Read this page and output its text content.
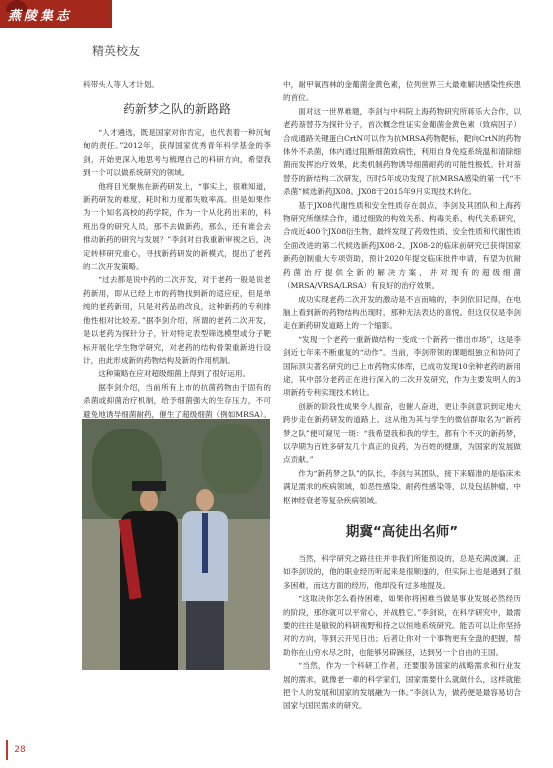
燕陵集志
精英校友

科带头人等人才计划。

药新梦之队的新路路

“人才遴选，既是国家对你肯定，也代表着一种沉甸甸的责任。”2012年，获得国家优秀青年科学基金的李剑，开始更深入地思考与梳理自己的科研方向，希望我到一个可以做系统研究的领域。

他将目光聚焦在新药研发上，“事实上，很难知道，新药研发的难度、耗时和力度都失败率高。但是如果作为一个知名高校的药学院，作为一个从化药出来的，科班出身的研究人员，那不去做新药，那么，还有谁会去推动新药的研究与发展？”李剑对自我重新审视之后，决定转移研究重心，寻找新药研发的新模式，提出了老药的二次开发策略。

“过去都是说中药的二次开发，对于老药一般是说老药新用，即从已经上市的药物找到新的适应症，但是单纯的老药新用，只是对药品的改良，这种新药的专利排他性相对比较差。”据李剑介绍，所谓的老药二次开发，是以老药为探针分子，针对特定表型筛选模型或分子靶标开展化学生物学研究，对老药的结构骨架重新进行设计，由此形成新的药物结构及新的作用机制。

这种策略在应对超级细菌上得到了很好运用。

据李剑介绍，当前所有上市的抗菌药物由于固有的杀菌或抑菌治疗机制，给予细菌强大的生存压力，不可避免地诱导细菌耐药，催生了超级细菌（例如MRSA）。

中，耐甲氧西林的金葡菌金黄色素，位列世界三大最难解决感染性疾患的首位。

面对这一世界难题，李剑与中科院上海药物研究所蒋乐大合作，以老药萘替芬为探针分子，首次概念性证实金葡菌金黄色素（致病因子）合成通路关键蛋白CrtN可以作为抗MRSA药物靶标，靶向CrtN的药物体外不杀菌，体内通过阻断细菌致病性，利用自身免疫系统温和清除细菌而发挥治疗效果，此类机制药物诱导细菌耐药的可能性极低。针对萘替芬的新结构二次研发，历时5年成功发现了抗MRSA感染的第一代“不杀菌”候选新药JX08。JX08于2015年9月实现技术转化。

基于JX08代谢性质和安全性质存在弱点，李剑及其团队和上海药物研究所继续合作，通过细致的构效关系、构毒关系、构代关系研究，合成近400个JX08衍生物，最终发现了药效性质、安全性质和代谢性质全面改进的第二代候选新药JX08-2。JX08-2的临床前研究已获得国家新药创制重大专项资助，预计2020年提交临床批件申请，有望为抗耐药菌治疗提供全新的解决方案，并对现有的超级细菌（MRSA/VRSA/LRSA）有良好的治疗效果。

成功实现老药二次开发的激动是不言而喻的，李剑依旧记得，在电脑上看到新的药物结构出现时，那种无法表达的喜悦。但这仅仅是李剑走在新药研发道路上的一个缩影。

“发现一个老药一重新做结构一变成一个新药一推出市场”，这是李剑近七年来不断重复的“动作”。当前，李剑带领的课题组独立和协同了国际顶尖著名研究的已上市药物实体库，已成功发现10余种老药的新用途，其中部分老药正在进行深入的二次开发研究，作为主要发明人的3项新药专利实现技术转让。

创新的阶段性成果令人振奋，也催人奋进，更让李剑意识到定地大跨步走在新药研发的道路上。这从他为其与学生的微信群取名为“新药梦之队”便可窥见一斑：“我希望我和我的学生，都有个不灭的新药梦，以孕期为百姓多研发几个真正的良药，为百姓的健康，为国家的发展做点贡献。”

作为“新药梦之队”的队长，李剑与其团队，接下来瞄准的是临床未满足需求的疾病领域，如恶性感染、耐药性感染等，以及包括肿瘤、中枢神经衰老等复杂疾病领域。

期冀“高徒出名师”

当然，科学研究之路往往并非我们所能预设的，总是充满波澜。正如李剑说的，他的职业经历听起来是很顺遂的，但实际上也是遇到了很多困难，而这方面的经历，他却没有过多地提及。

“这取决你怎么看待困难，如果你将困难当做是事业发展必然经历的阶段，那你就可以平常心，并战胜它。”李剑说，在科学研究中，最需要的往往是敏锐的科研视野和持之以恒地系统研究。能否可以让你坚持对的方向，等到云开见日出；后者让你对一个事物更有全盘的把握，帮助你在山穷水尽之时，也能够另辟蹊径，达到另一个自由的王国。

“当然，作为一个科研工作者，还要服务国家的战略需求和行业发展的需求，就像老一辈的科学家们，国家需要什么就做什么，这样就能把个人的发展和国家的发展融为一体。”李剑认为，做药便是最容易切合国家与国民需求的研究。

28
